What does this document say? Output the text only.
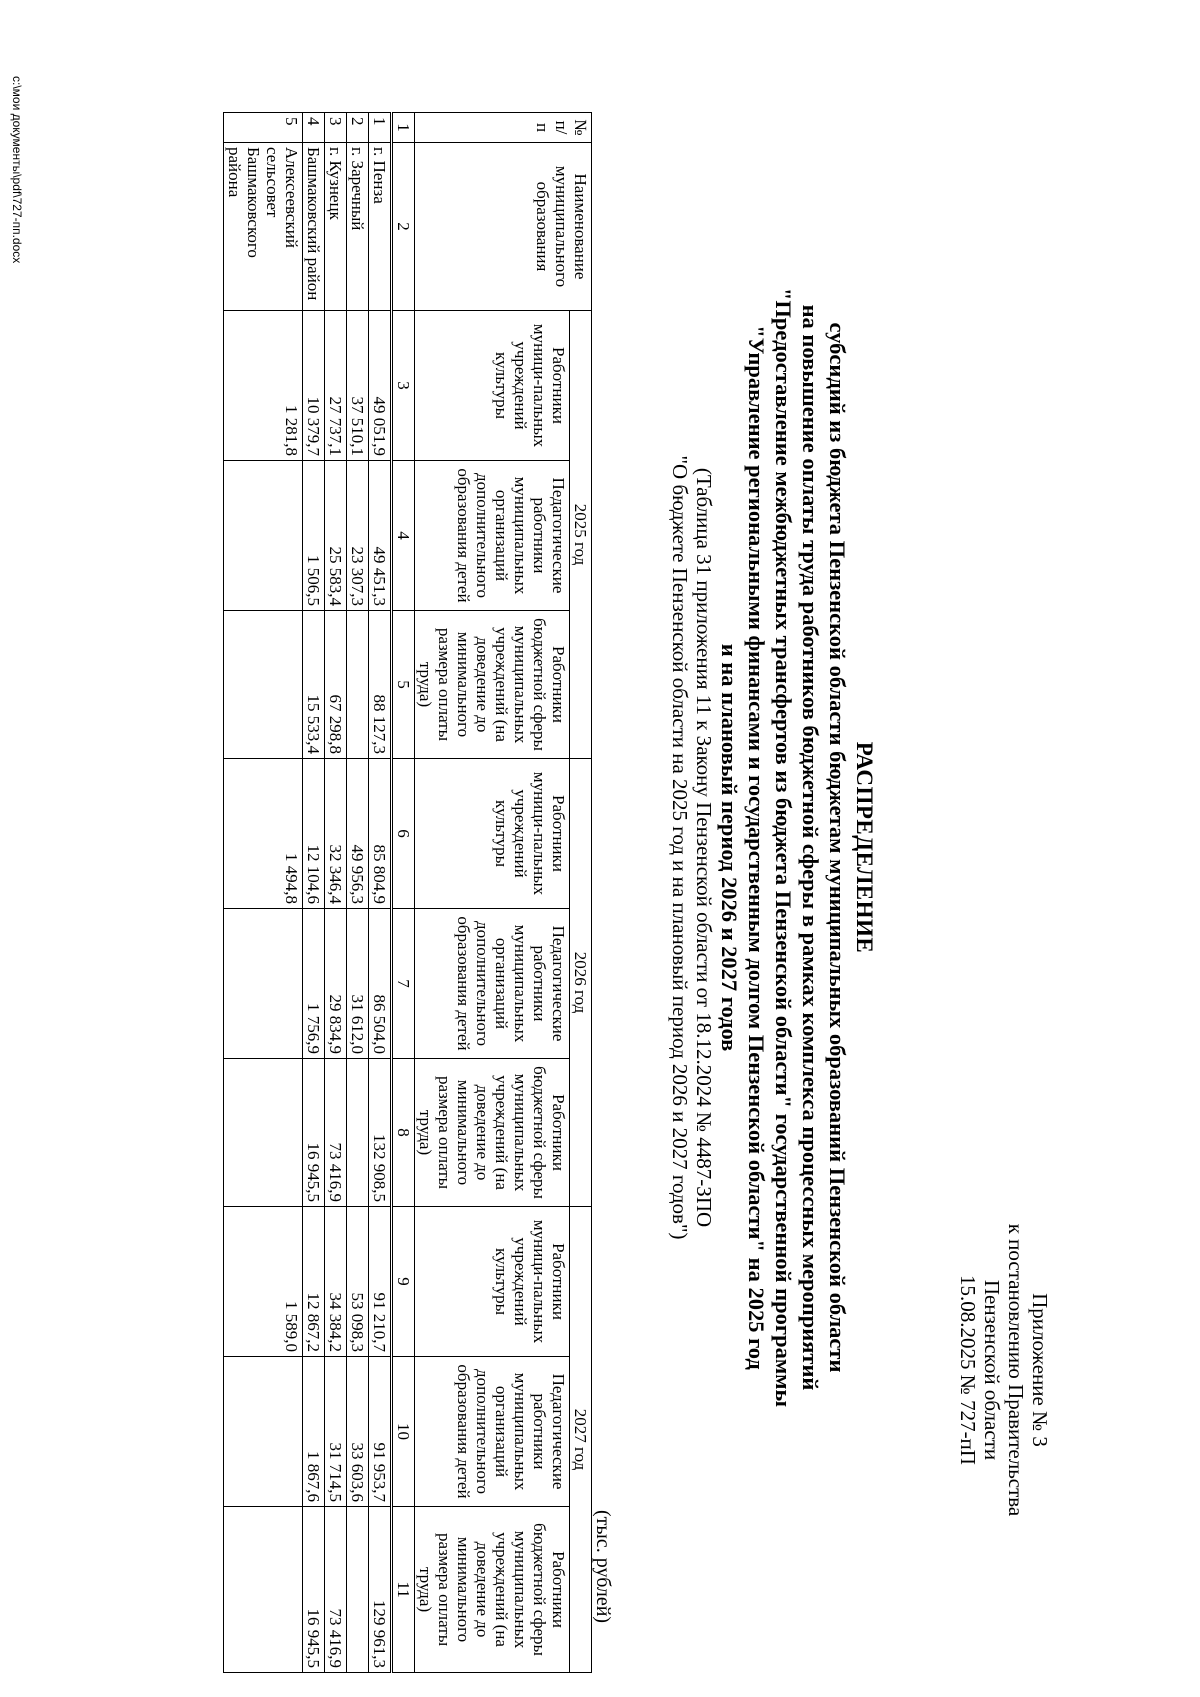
Приложение № 3
к постановлению Правительства
Пензенской области
15.08.2025 № 727-пП
РАСПРЕДЕЛЕНИЕ
субсидий из бюджета Пензенской области бюджетам муниципальных образований Пензенской области
на повышение оплаты труда работников бюджетной сферы в рамках комплекса процессных мероприятий
"Предоставление межбюджетных трансфертов из бюджета Пензенской области" государственной программы
"Управление региональными финансами и государственным долгом Пензенской области" на 2025 год
и на плановый период 2026 и 2027 годов
(Таблица 31 приложения 11 к Закону Пензенской области от 18.12.2024 № 4487-ЗПО
"О бюджете Пензенской области на 2025 год и на плановый период 2026 и 2027 годов")
(тыс. рублей)
№ п/п	Наименование муниципального образования	2025 год			2026 год			2027 год		
		Работники муници-пальных учреждений культуры	Педагогические работники муниципальных организаций дополнительного образования детей	Работники бюджетной сферы муниципальных учреждений (на доведение до минимального размера оплаты труда)	Работники муници-пальных учреждений культуры	Педагогические работники муниципальных организаций дополнительного образования детей	Работники бюджетной сферы муниципальных учреждений (на доведение до минимального размера оплаты труда)	Работники муници-пальных учреждений культуры	Педагогические работники муниципальных организаций дополнительного образования детей	Работники бюджетной сферы муниципальных учреждений (на доведение до минимального размера оплаты труда)
1	2	3	4	5	6	7	8	9	10	11
1	г. Пенза	49 051,9	49 451,3	88 127,3	85 804,9	86 504,0	132 908,5	91 210,7	91 953,7	129 961,3
2	г. Заречный	37 510,1	23 307,3		49 956,3	31 612,0		53 098,3	33 603,6	
3	г. Кузнецк	27 737,1	25 583,4	67 298,8	32 346,4	29 834,9	73 416,9	34 384,2	31 714,5	73 416,9
4	Башмаковский район	10 379,7	1 506,5	15 533,4	12 104,6	1 756,9	16 945,5	12 867,2	1 867,6	16 945,5
5	Алексеевский сельсовет Башмаковского района	1 281,8			1 494,8			1 589,0		
c:\мои документы\pdf\727-пп.docx
